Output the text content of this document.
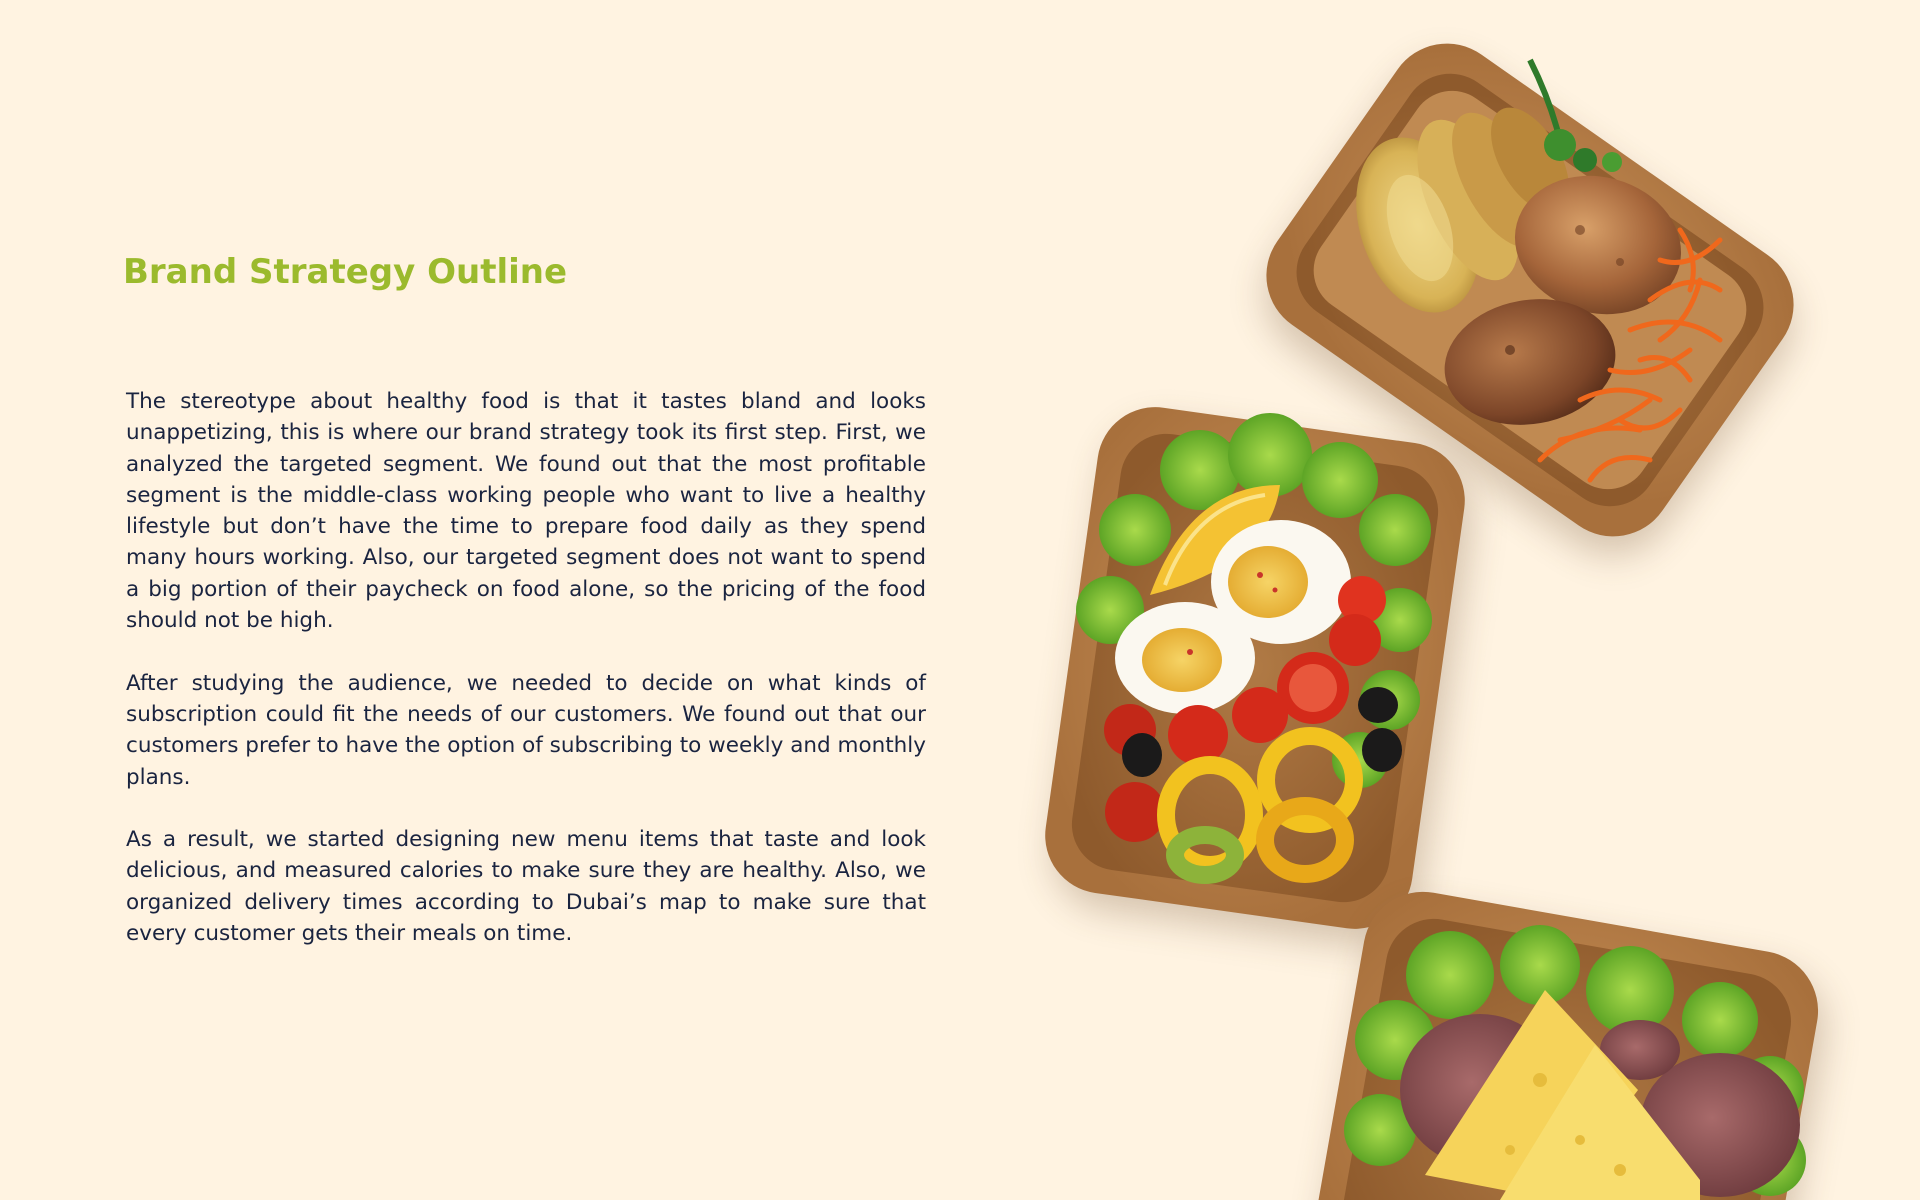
Brand Strategy Outline

The stereotype about healthy food is that it tastes bland and looks unappetizing, this is where our brand strategy took its first step. First, we analyzed the targeted segment. We found out that the most profitable segment is the middle-class working people who want to live a healthy lifestyle but don’t have the time to prepare food daily as they spend many hours working. Also, our targeted segment does not want to spend a big portion of their paycheck on food alone, so the pricing of the food should not be high.

After studying the audience, we needed to decide on what kinds of subscription could fit the needs of our customers. We found out that our customers prefer to have the option of subscribing to weekly and monthly plans.

As a result, we started designing new menu items that taste and look delicious, and measured calories to make sure they are healthy. Also, we organized delivery times according to Dubai’s map to make sure that every customer gets their meals on time.
